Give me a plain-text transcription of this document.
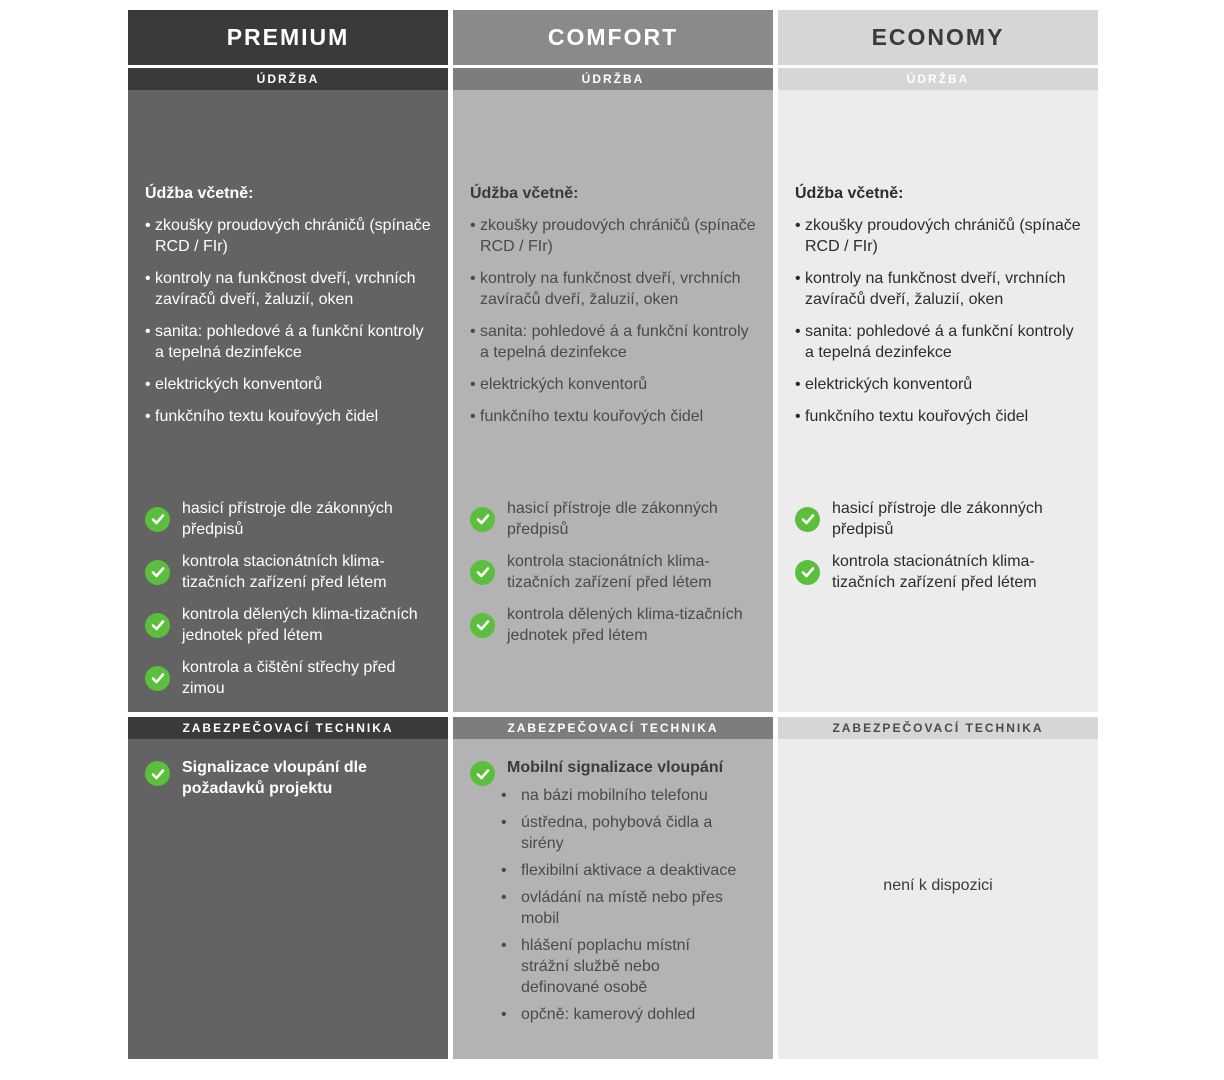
PREMIUM
ÚDRŽBA
Údžba včetně:
• zkoušky proudových chráničů (spínače RCD / FIr)
• kontroly na funkčnost dveří, vrchních zavíračů dveří, žaluzií, oken
• sanita: pohledové á a funkční kontroly a tepelná dezinfekce
• elektrických konventorů
• funkčního textu kouřových čidel
hasicí přístroje dle zákonných předpisů
kontrola stacionátních klima-tizačních zařízení před létem
kontrola dělených klima-tizačních jednotek před létem
kontrola a čištění střechy před zimou
ZABEZPEČOVACÍ TECHNIKA
Signalizace vloupání dle požadavků projektu
COMFORT
ÚDRŽBA
Údžba včetně:
• zkoušky proudových chráničů (spínače RCD / FIr)
• kontroly na funkčnost dveří, vrchních zavíračů dveří, žaluzií, oken
• sanita: pohledové á a funkční kontroly a tepelná dezinfekce
• elektrických konventorů
• funkčního textu kouřových čidel
hasicí přístroje dle zákonných předpisů
kontrola stacionátních klima-tizačních zařízení před létem
kontrola dělených klima-tizačních jednotek před létem
ZABEZPEČOVACÍ TECHNIKA
Mobilní signalizace vloupání
• na bázi mobilního telefonu
• ústředna, pohybová čidla a sirény
• flexibilní aktivace a deaktivace
• ovládání na místě nebo přes mobil
• hlášení poplachu místní strážní službě nebo definované osobě
• opčně: kamerový dohled
ECONOMY
ÚDRŽBA
Údžba včetně:
• zkoušky proudových chráničů (spínače RCD / FIr)
• kontroly na funkčnost dveří, vrchních zavíračů dveří, žaluzií, oken
• sanita: pohledové á a funkční kontroly a tepelná dezinfekce
• elektrických konventorů
• funkčního textu kouřových čidel
hasicí přístroje dle zákonných předpisů
kontrola stacionátních klima-tizačních zařízení před létem
ZABEZPEČOVACÍ TECHNIKA
není k dispozici
